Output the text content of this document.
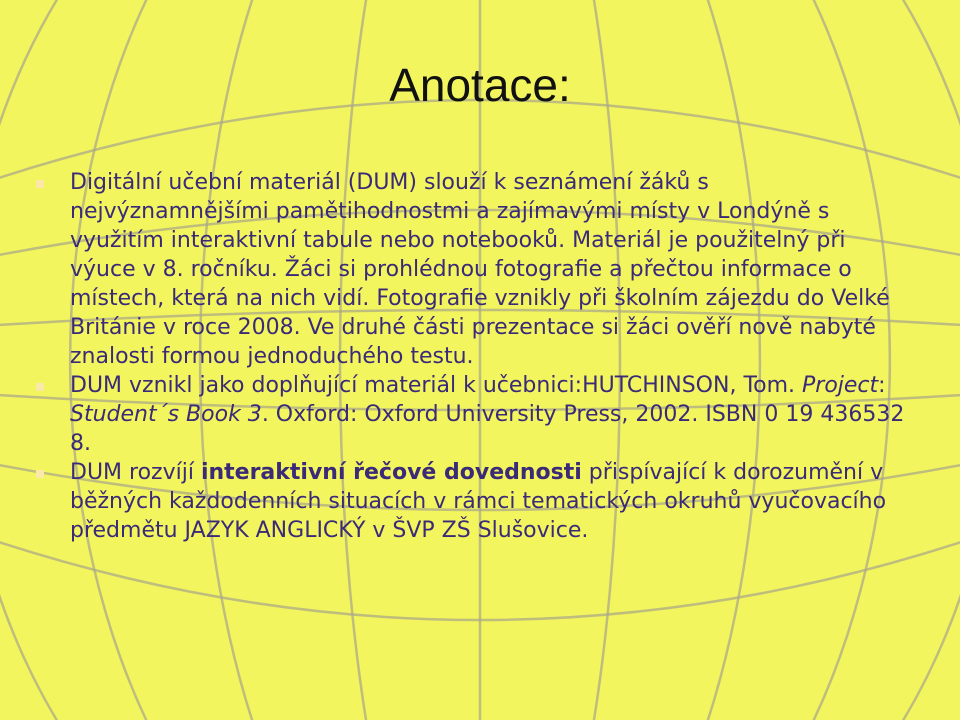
Anotace:
Digitální učební materiál (DUM) slouží k seznámení žáků s nejvýznamnějšími pamětihodnostmi a zajímavými místy v Londýně s využitím interaktivní tabule nebo notebooků. Materiál je použitelný při výuce v 8. ročníku. Žáci si prohlédnou fotografie a přečtou informace o místech, která na nich vidí. Fotografie vznikly při školním zájezdu do Velké Británie v roce 2008. Ve druhé části prezentace si žáci ověří nově nabyté znalosti formou jednoduchého testu.
DUM vznikl jako doplňující materiál k učebnici:HUTCHINSON, Tom. Project: Student´s Book 3. Oxford: Oxford University Press, 2002. ISBN 0 19 436532 8.
DUM rozvíjí interaktivní řečové dovednosti přispívající k dorozumění v běžných každodenních situacích v rámci tematických okruhů vyučovacího předmětu JAZYK ANGLICKÝ v ŠVP ZŠ Slušovice.
